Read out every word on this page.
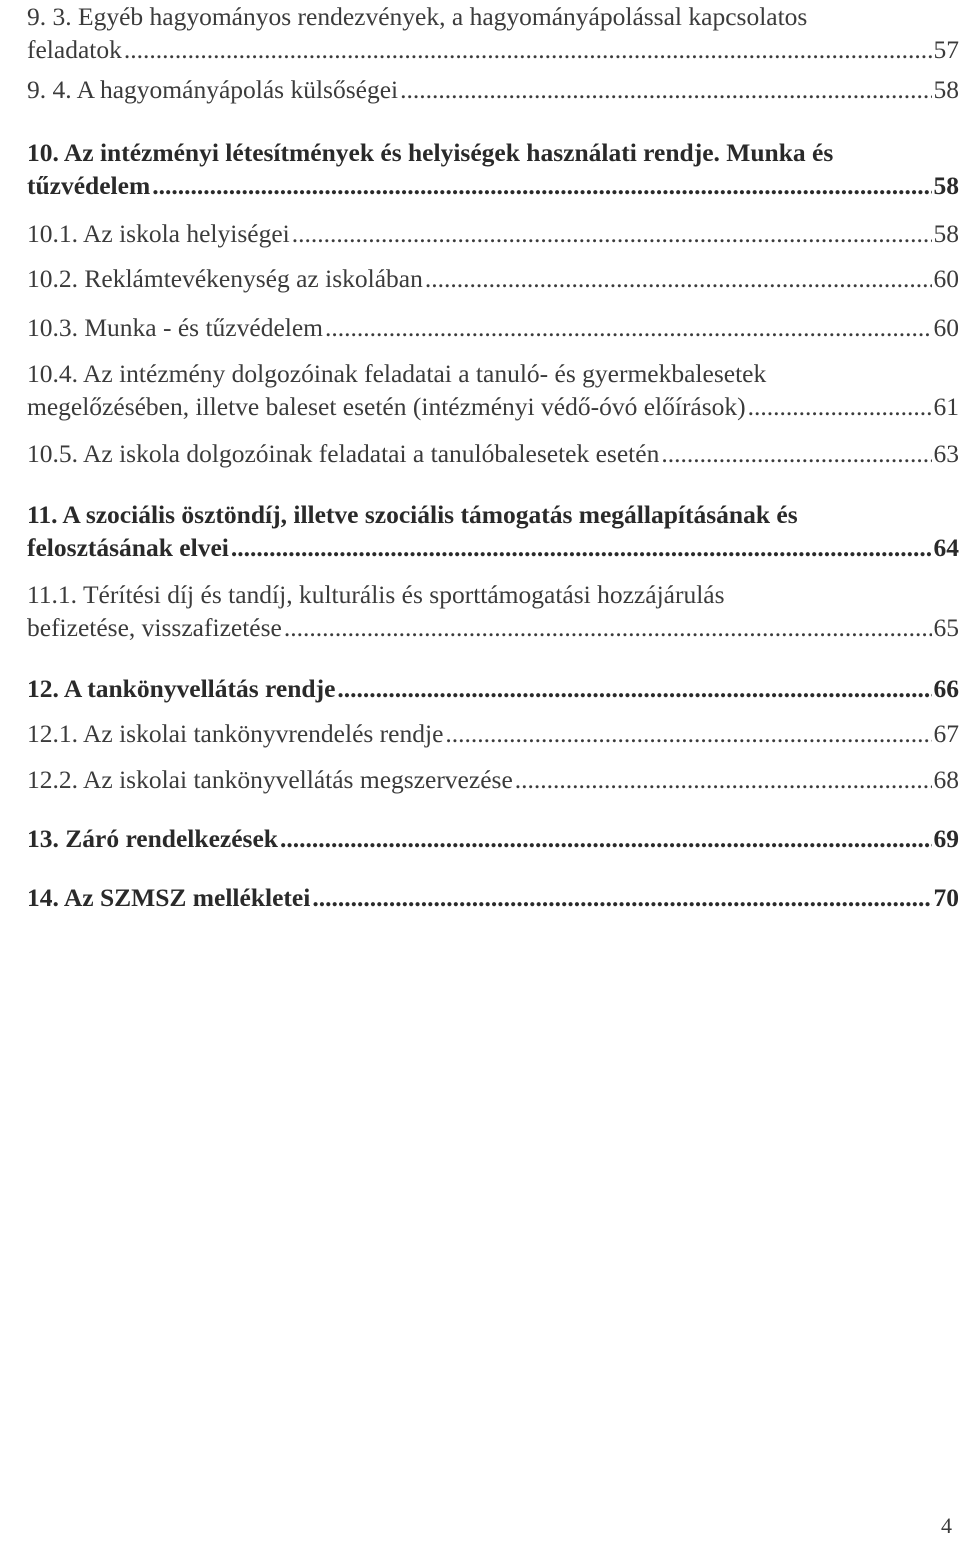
9. 3. Egyéb hagyományos rendezvények, a hagyományápolással kapcsolatos
feladatok .....	57
9. 4. A hagyományápolás külsőségei .....	58
10. Az intézményi létesítmények és helyiségek használati rendje. Munka és
tűzvédelem .....	58
10.1. Az iskola helyiségei .....	58
10.2. Reklámtevékenység az iskolában .....	60
10.3. Munka - és tűzvédelem .....	60
10.4. Az intézmény dolgozóinak feladatai a tanuló- és gyermekbalesetek
megelőzésében, illetve baleset esetén (intézményi védő-óvó előírások) .....	61
10.5. Az iskola dolgozóinak feladatai a tanulóbalesetek esetén .....	63
11. A szociális ösztöndíj, illetve szociális támogatás megállapításának és
felosztásának elvei .....	64
11.1. Térítési díj és tandíj, kulturális és sporttámogatási hozzájárulás
befizetése, visszafizetése .....	65
12. A tankönyvellátás rendje .....	66
12.1. Az iskolai tankönyvrendelés rendje .....	67
12.2. Az iskolai tankönyvellátás megszervezése .....	68
13. Záró rendelkezések .....	69
14. Az SZMSZ mellékletei .....	70
4
